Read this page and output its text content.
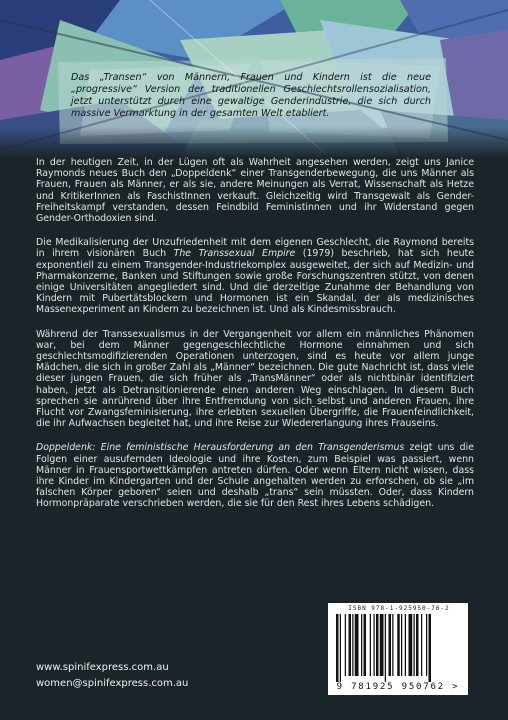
Das „Transen“ von Männern, Frauen und Kindern ist die neue „progressive“ Version der traditionellen Geschlechtsrollensozialisation, jetzt unterstützt durch eine gewaltige Genderindustrie, die sich durch massive Vermarktung in der gesamten Welt etabliert.

In der heutigen Zeit, in der Lügen oft als Wahrheit angesehen werden, zeigt uns Janice Raymonds neues Buch den „Doppeldenk“ einer Transgenderbewegung, die uns Männer als Frauen, Frauen als Männer, er als sie, andere Meinungen als Verrat, Wissenschaft als Hetze und KritikerInnen als FaschistInnen verkauft. Gleichzeitig wird Transgewalt als Gender-Freiheitskampf verstanden, dessen Feindbild Feministinnen und ihr Widerstand gegen Gender-Orthodoxien sind.

Die Medikalisierung der Unzufriedenheit mit dem eigenen Geschlecht, die Raymond bereits in ihrem visionären Buch The Transsexual Empire (1979) beschrieb, hat sich heute exponentiell zu einem Transgender-Industriekomplex ausgeweitet, der sich auf Medizin- und Pharmakonzerne, Banken und Stiftungen sowie große Forschungszentren stützt, von denen einige Universitäten angegliedert sind. Und die derzeitige Zunahme der Behandlung von Kindern mit Pubertätsblockern und Hormonen ist ein Skandal, der als medizinisches Massenexperiment an Kindern zu bezeichnen ist. Und als Kindesmissbrauch.

Während der Transsexualismus in der Vergangenheit vor allem ein männliches Phänomen war, bei dem Männer gegengeschlechtliche Hormone einnahmen und sich geschlechtsmodifizierenden Operationen unterzogen, sind es heute vor allem junge Mädchen, die sich in großer Zahl als „Männer“ bezeichnen. Die gute Nachricht ist, dass viele dieser jungen Frauen, die sich früher als „TransMänner“ oder als nichtbinär identifiziert haben, jetzt als Detransitionierende einen anderen Weg einschlagen. In diesem Buch sprechen sie anrührend über ihre Entfremdung von sich selbst und anderen Frauen, ihre Flucht vor Zwangsfeminisierung, ihre erlebten sexuellen Übergriffe, die Frauenfeindlichkeit, die ihr Aufwachsen begleitet hat, und ihre Reise zur Wiedererlangung ihres Frauseins.

Doppeldenk: Eine feministische Herausforderung an den Transgenderismus zeigt uns die Folgen einer ausufernden Ideologie und ihre Kosten, zum Beispiel was passiert, wenn Männer in Frauensportwettkämpfen antreten dürfen. Oder wenn Eltern nicht wissen, dass ihre Kinder im Kindergarten und der Schule angehalten werden zu erforschen, ob sie „im falschen Körper geboren“ seien und deshalb „trans“ sein müssten. Oder, dass Kindern Hormonpräparate verschrieben werden, die sie für den Rest ihres Lebens schädigen.

ISBN 978-1-925950-76-2
9 781925 950762 >
www.spinifexpress.com.au
women@spinifexpress.com.au
